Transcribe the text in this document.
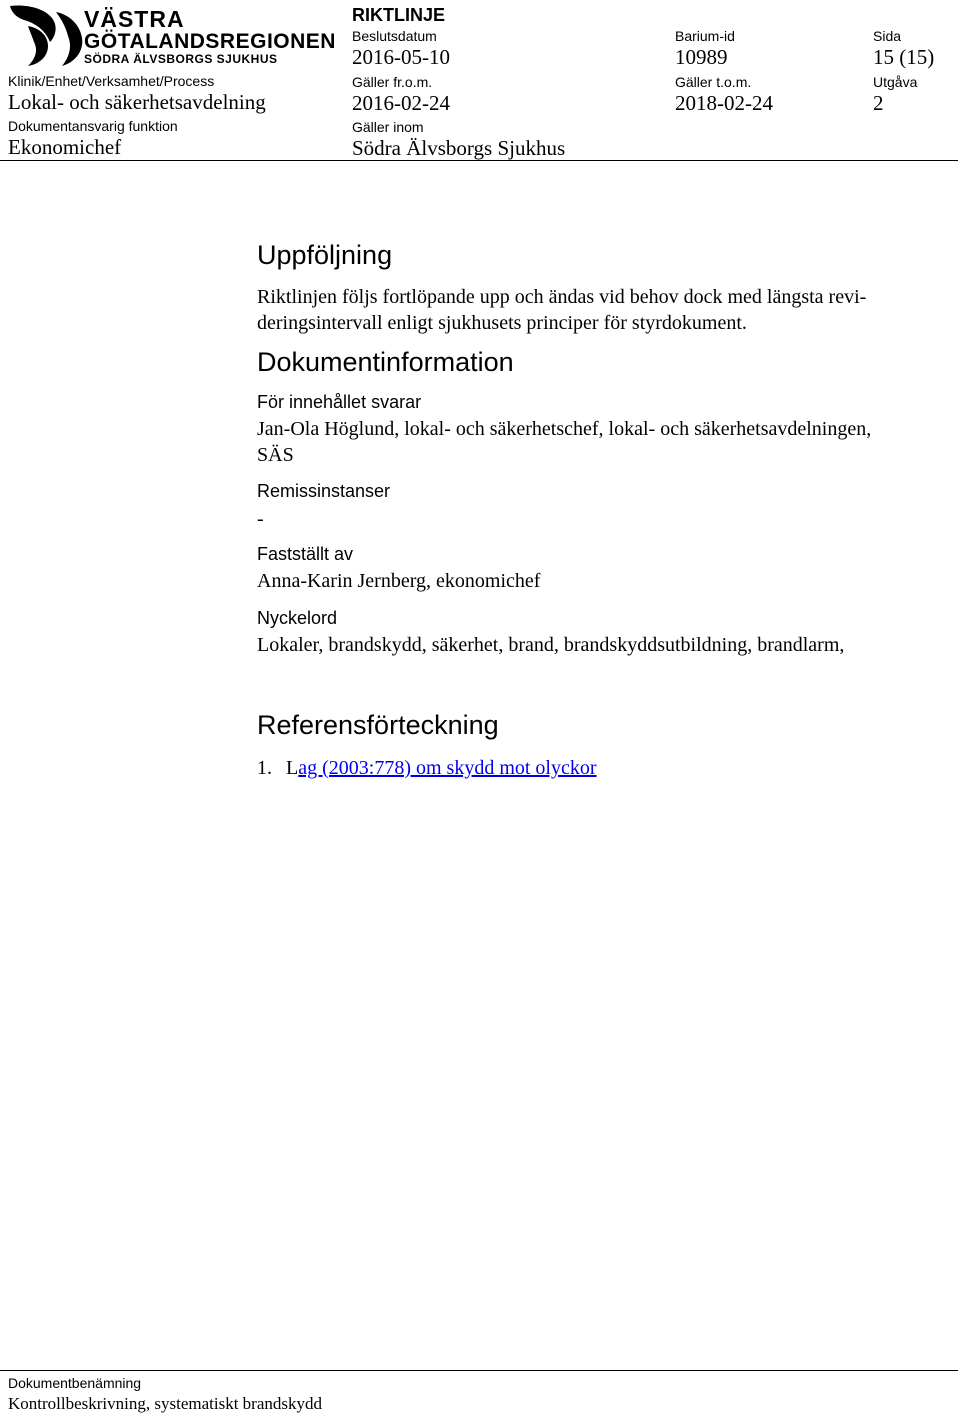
VÄSTRA
GÖTALANDSREGIONEN
SÖDRA ÄLVSBORGS SJUKHUS
Klinik/Enhet/Verksamhet/Process
Lokal- och säkerhetsavdelning
Dokumentansvarig funktion
Ekonomichef
RIKTLINJE
Beslutsdatum
2016-05-10
Gäller fr.o.m.
2016-02-24
Gäller inom
Södra Älvsborgs Sjukhus
Barium-id
10989
Gäller t.o.m.
2018-02-24
Sida
15 (15)
Utgåva
2
Uppföljning
Riktlinjen följs fortlöpande upp och ändas vid behov dock med längsta revi-
deringsintervall enligt sjukhusets principer för styrdokument.
Dokumentinformation
För innehållet svarar
Jan-Ola Höglund, lokal- och säkerhetschef, lokal- och säkerhetsavdelningen,
SÄS
Remissinstanser
-
Fastställt av
Anna-Karin Jernberg, ekonomichef
Nyckelord
Lokaler, brandskydd, säkerhet, brand, brandskyddsutbildning, brandlarm,
Referensförteckning
1. Lag (2003:778) om skydd mot olyckor
Dokumentbenämning
Kontrollbeskrivning, systematiskt brandskydd
